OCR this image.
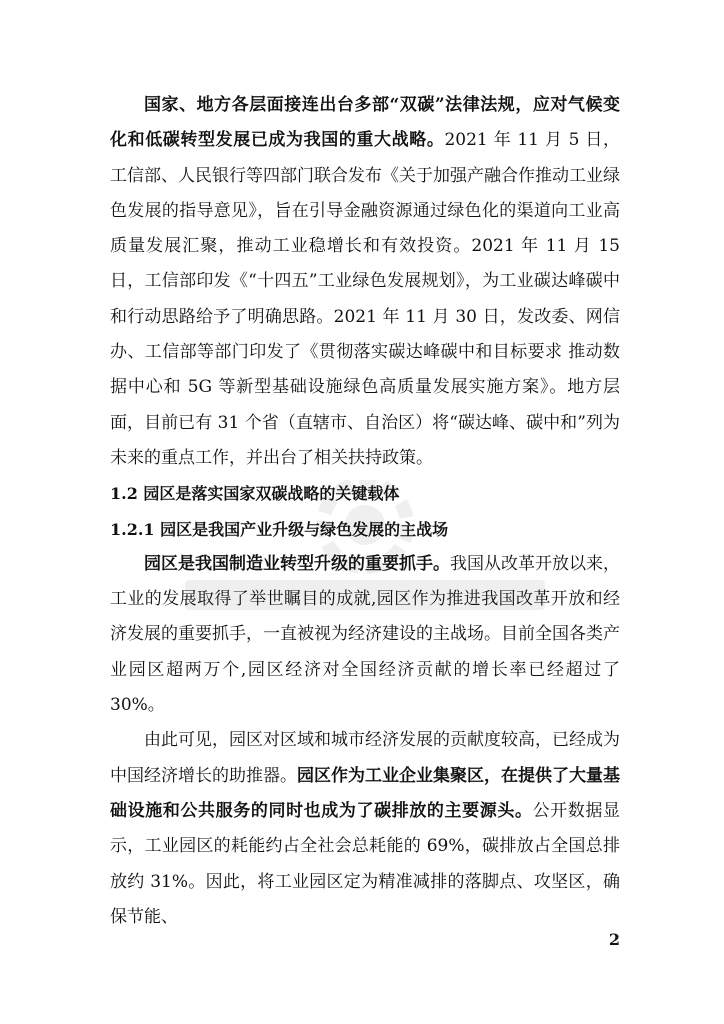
国家、地方各层面接连出台多部“双碳”法律法规，应对气候变化和低碳转型发展已成为我国的重大战略。2021 年 11 月 5 日，工信部、人民银行等四部门联合发布《关于加强产融合作推动工业绿色发展的指导意见》，旨在引导金融资源通过绿色化的渠道向工业高质量发展汇聚，推动工业稳增长和有效投资。2021 年 11 月 15 日，工信部印发《“十四五”工业绿色发展规划》，为工业碳达峰碳中和行动思路给予了明确思路。2021 年 11 月 30 日，发改委、网信办、工信部等部门印发了《贯彻落实碳达峰碳中和目标要求 推动数据中心和 5G 等新型基础设施绿色高质量发展实施方案》。地方层面，目前已有 31 个省（直辖市、自治区）将“碳达峰、碳中和”列为未来的重点工作，并出台了相关扶持政策。

1.2 园区是落实国家双碳战略的关键载体
1.2.1 园区是我国产业升级与绿色发展的主战场

园区是我国制造业转型升级的重要抓手。我国从改革开放以来，工业的发展取得了举世瞩目的成就,园区作为推进我国改革开放和经济发展的重要抓手，一直被视为经济建设的主战场。目前全国各类产业园区超两万个,园区经济对全国经济贡献的增长率已经超过了 30%。

由此可见，园区对区域和城市经济发展的贡献度较高，已经成为中国经济增长的助推器。园区作为工业企业集聚区，在提供了大量基础设施和公共服务的同时也成为了碳排放的主要源头。公开数据显示，工业园区的耗能约占全社会总耗能的 69%，碳排放占全国总排放约 31%。因此，将工业园区定为精准减排的落脚点、攻坚区，确保节能、

2
